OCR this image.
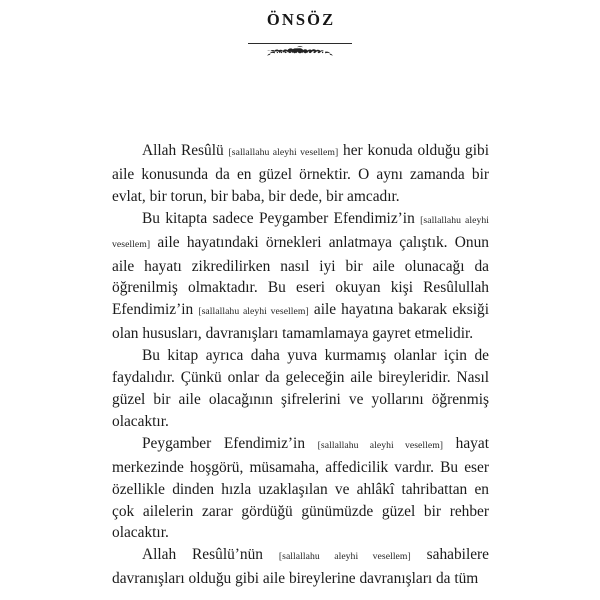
ÖNSÖZ

Allah Resûlü [sallallahu aleyhi vesellem] her konuda olduğu gibi aile konusunda da en güzel örnektir. O aynı zamanda bir evlat, bir torun, bir baba, bir dede, bir amcadır.

Bu kitapta sadece Peygamber Efendimiz’in [sallallahu aleyhi vesellem] aile hayatındaki örnekleri anlatmaya çalıştık. Onun aile hayatı zikredilirken nasıl iyi bir aile olunacağı da öğrenilmiş olmaktadır. Bu eseri okuyan kişi Resûlullah Efendimiz’in [sallallahu aleyhi vesellem] aile hayatına bakarak eksiği olan hususları, davranışları tamamlamaya gayret etmelidir.

Bu kitap ayrıca daha yuva kurmamış olanlar için de faydalıdır. Çünkü onlar da geleceğin aile bireyleridir. Nasıl güzel bir aile olacağının şifrelerini ve yollarını öğrenmiş olacaktır.

Peygamber Efendimiz’in [sallallahu aleyhi vesellem] hayat merkezinde hoşgörü, müsamaha, affedicilik vardır. Bu eser özellikle dinden hızla uzaklaşılan ve ahlâkî tahribattan en çok ailelerin zarar gördüğü günümüzde güzel bir rehber olacaktır.

Allah Resûlü’nün [sallallahu aleyhi vesellem] sahabilere davranışları olduğu gibi aile bireylerine davranışları da tüm
